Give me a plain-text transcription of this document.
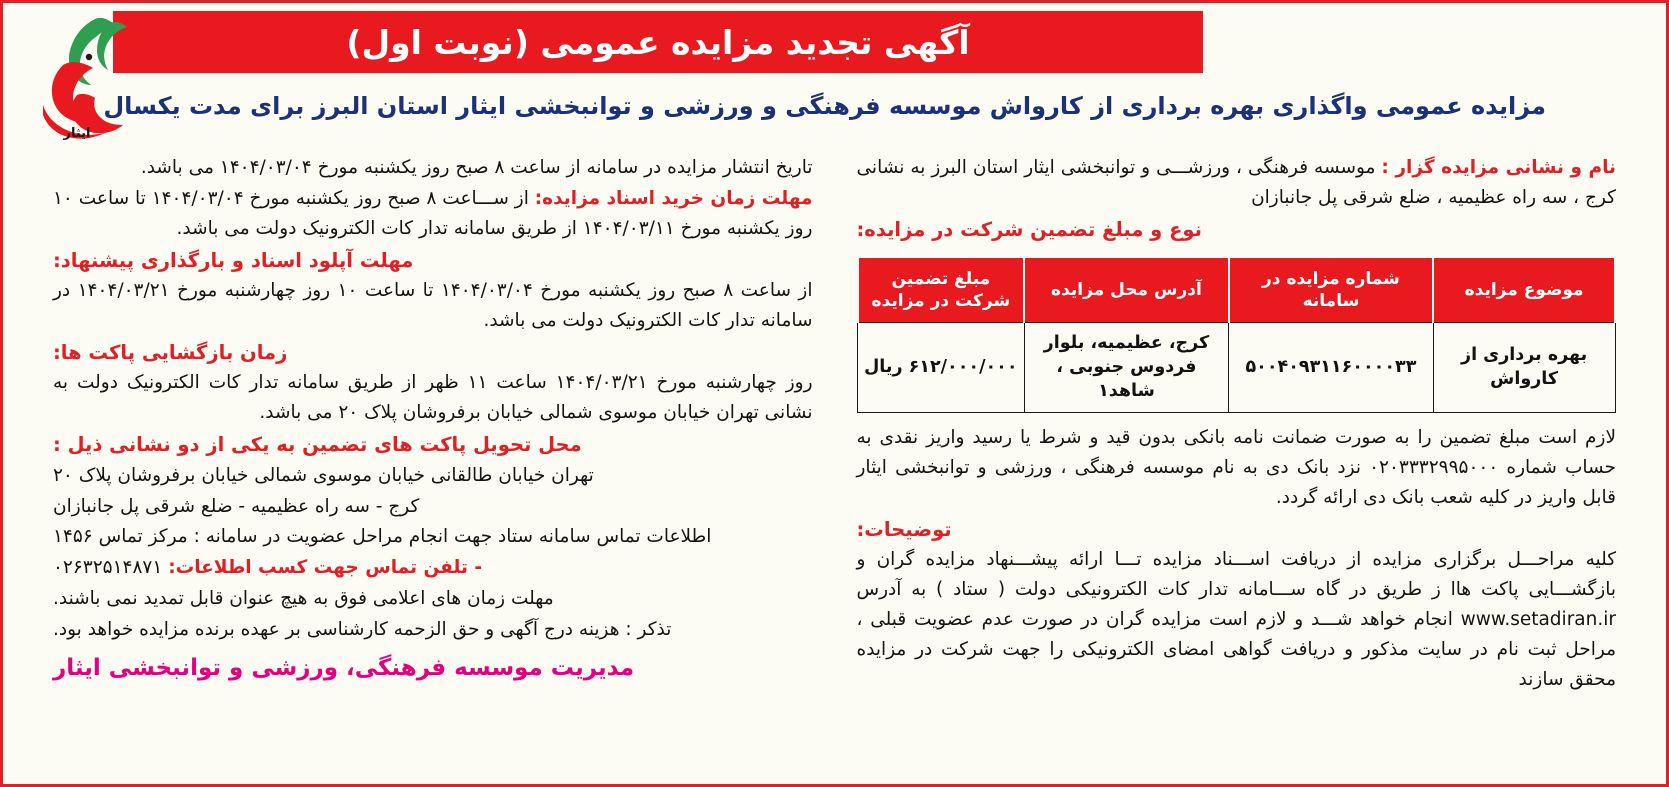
آگهی تجدید مزایده عمومی (نوبت اول)
ایثار
مزایده عمومی واگذاری بهره برداری از کارواش موسسه فرهنگی و ورزشی و توانبخشی ایثار استان البرز برای مدت یکسال

نام و نشانی مزایده گزار : موسسه فرهنگی ، ورزشـــی و توانبخشی ایثار استان البرز به نشانی کرج ، سه راه عظیمیه ، ضلع شرقی پل جانبازان

نوع و مبلغ تضمین شرکت در مزایده:
موضوع مزایده	شماره مزایده در سامانه	آدرس محل مزایده	مبلغ تضمین شرکت در مزایده
بهره برداری از کارواش	۵۰۰۴۰۹۳۱۱۶۰۰۰۰۳۳	کرج، عظیمیه، بلوار فردوس جنوبی ، شاهد۱	۶۱۲/۰۰۰/۰۰۰ ریال

لازم است مبلغ تضمین را به صورت ضمانت نامه بانکی بدون قید و شرط یا رسید واریز نقدی به حساب شماره ۰۲۰۳۳۳۲۹۹۵۰۰۰ نزد بانک دی به نام موسسه فرهنگی ، ورزشی و توانبخشی ایثار قابل واریز در کلیه شعب بانک دی ارائه گردد.

توضیحات:

کلیه مراحـــل برگزاری مزایده از دریافت اســـناد مزایده تـــا ارائه پیشـــنهاد مزایده گران و بازگشـــایی پاکت هاا ز طریق در گاه ســـامانه تدار کات الکترونیکی دولت ( ستاد ) به آدرس www.setadiran.ir انجام خواهد شـــد و لازم است مزایده گران در صورت عدم عضویت قبلی ، مراحل ثبت نام در سایت مذکور و دریافت گواهی امضای الکترونیکی را جهت شرکت در مزایده محقق سازند

تاریخ انتشار مزایده در سامانه از ساعت ۸ صبح روز یکشنبه مورخ ۱۴۰۴/۰۳/۰۴ می باشد.

مهلت زمان خرید اسناد مزایده: از ســـاعت ۸ صبح روز یکشنبه مورخ ۱۴۰۴/۰۳/۰۴ تا ساعت ۱۰ روز یکشنبه مورخ ۱۴۰۴/۰۳/۱۱ از طریق سامانه تدار کات الکترونیک دولت می باشد.

مهلت آپلود اسناد و بارگذاری پیشنهاد:

از ساعت ۸ صبح روز یکشنبه مورخ ۱۴۰۴/۰۳/۰۴ تا ساعت ۱۰ روز چهارشنبه مورخ ۱۴۰۴/۰۳/۲۱ در سامانه تدار کات الکترونیک دولت می باشد.

زمان بازگشایی پاکت ها:

روز چهارشنبه مورخ ۱۴۰۴/۰۳/۲۱ ساعت ۱۱ ظهر از طریق سامانه تدار کات الکترونیک دولت به نشانی تهران خیابان موسوی شمالی خیابان برفروشان پلاک ۲۰ می باشد.

محل تحویل پاکت های تضمین به یکی از دو نشانی ذیل :

تهران خیابان طالقانی خیابان موسوی شمالی خیابان برفروشان پلاک ۲۰

کرج - سه راه عظیمیه - ضلع شرقی پل جانبازان

اطلاعات تماس سامانه ستاد جهت انجام مراحل عضویت در سامانه : مرکز تماس ۱۴۵۶

- تلفن تماس جهت کسب اطلاعات: ۰۲۶۳۲۵۱۴۸۷۱

مهلت زمان های اعلامی فوق به هیچ عنوان قابل تمدید نمی باشند.

تذکر : هزینه درج آگهی و حق الزحمه کارشناسی بر عهده برنده مزایده خواهد بود.

مدیریت موسسه فرهنگی، ورزشی و توانبخشی ایثار
